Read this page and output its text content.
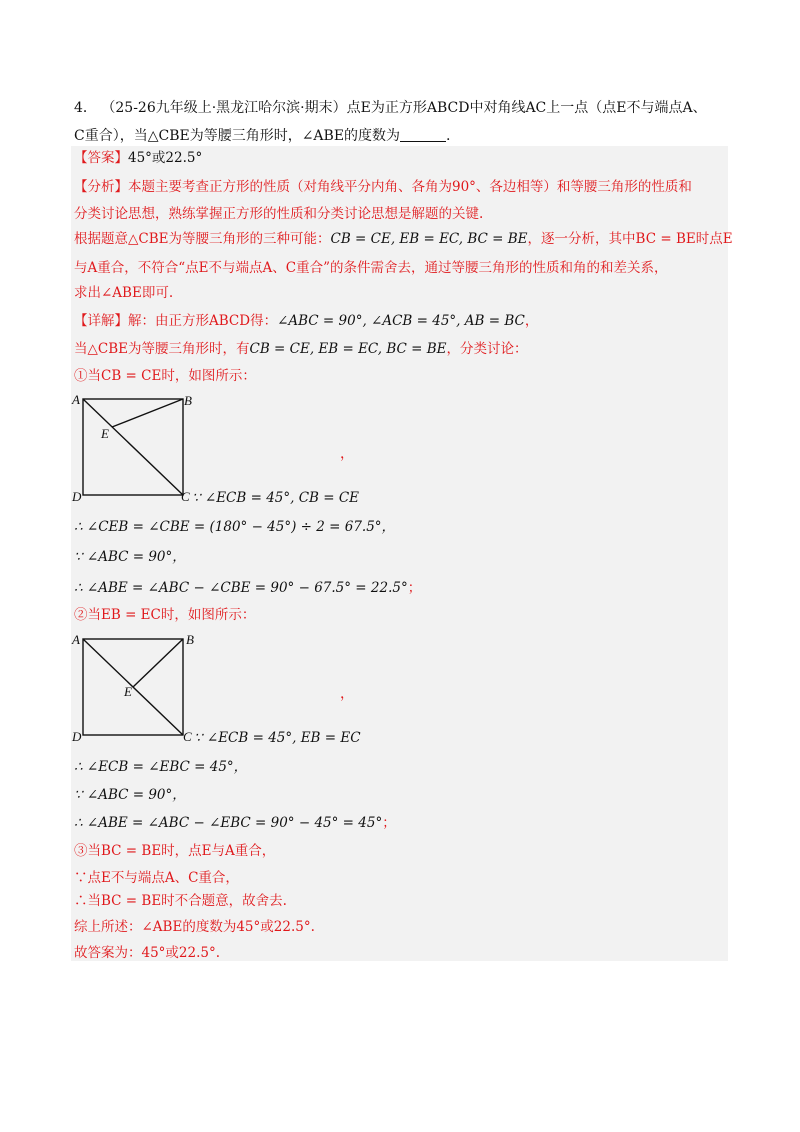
4． （25-26九年级上·黑龙江哈尔滨·期末）点E为正方形ABCD中对角线AC上一点（点E不与端点A、
C重合），当△CBE为等腰三角形时，∠ABE的度数为	.
【答案】45°或22.5°
【分析】本题主要考查正方形的性质（对角线平分内角、各角为90°、各边相等）和等腰三角形的性质和
分类讨论思想，熟练掌握正方形的性质和分类讨论思想是解题的关键.
根据题意△CBE为等腰三角形的三种可能：CB = CE, EB = EC, BC = BE，逐一分析，其中BC = BE时点E
与A重合，不符合“点E不与端点A、C重合”的条件需舍去，通过等腰三角形的性质和角的和差关系，
求出∠ABE即可.
【详解】解：由正方形ABCD得：∠ABC = 90°, ∠ACB = 45°, AB = BC，
当△CBE为等腰三角形时，有CB = CE, EB = EC, BC = BE，分类讨论：
①当CB = CE时，如图所示：
A	B
E
D	C
，
∵ ∠ECB = 45°, CB = CE
∴ ∠CEB = ∠CBE = (180° − 45°) ÷ 2 = 67.5°，
∵ ∠ABC = 90°，
∴ ∠ABE = ∠ABC − ∠CBE = 90° − 67.5° = 22.5°；
②当EB = EC时，如图所示：
A	B
E
D	C
，
∵ ∠ECB = 45°, EB = EC
∴ ∠ECB = ∠EBC = 45°，
∵ ∠ABC = 90°，
∴ ∠ABE = ∠ABC − ∠EBC = 90° − 45° = 45°；
③当BC = BE时，点E与A重合，
∵点E不与端点A、C重合，
∴当BC = BE时不合题意，故舍去.
综上所述：∠ABE的度数为45°或22.5°.
故答案为：45°或22.5°.
